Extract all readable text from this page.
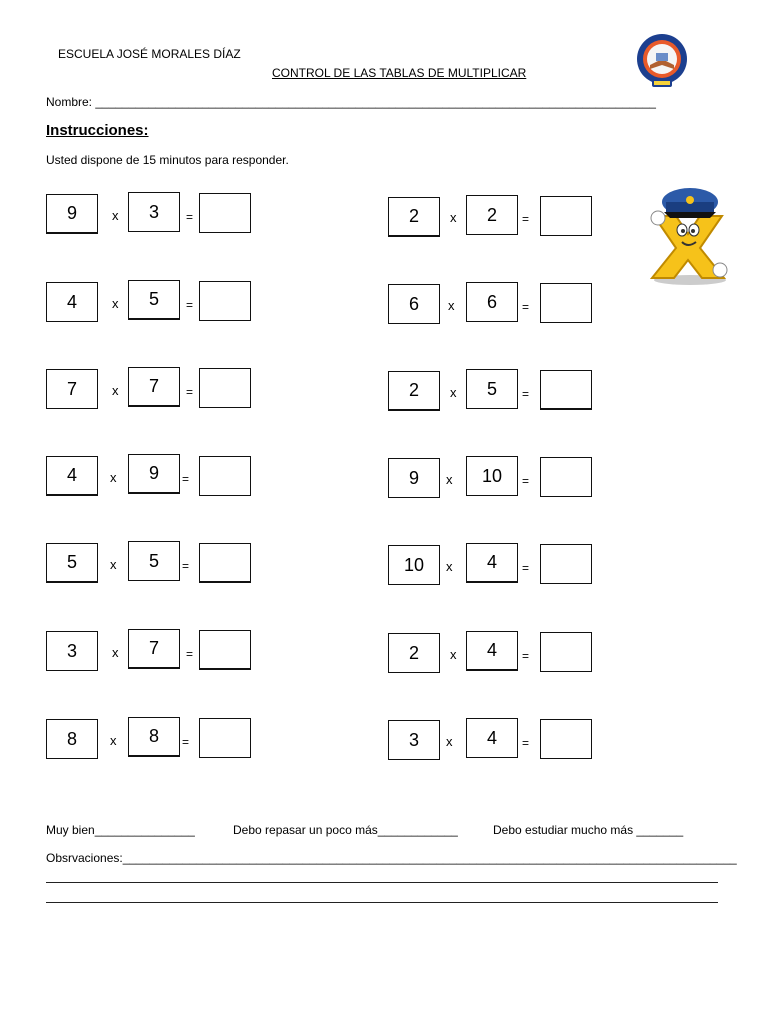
ESCUELA JOSÉ MORALES DÍAZ
CONTROL DE LAS TABLAS DE MULTIPLICAR
Nombre: ____________________________________________________________________________________
Instrucciones:
Usted dispone de 15 minutos para responder.
9	x	3	=
4	x	5	=
7	x	7	=
4	x	9	=
5	x	5	=
3	x	7	=
8	x	8	=
2	x	2	=
6	x	6	=
2	x	5	=
9	x	10	=
10	x	4	=
2	x	4	=
3	x	4	=
Muy bien_______________	Debo repasar un poco más____________	Debo estudiar mucho más _______
Obsrvaciones:____________________________________________________________________________________________
